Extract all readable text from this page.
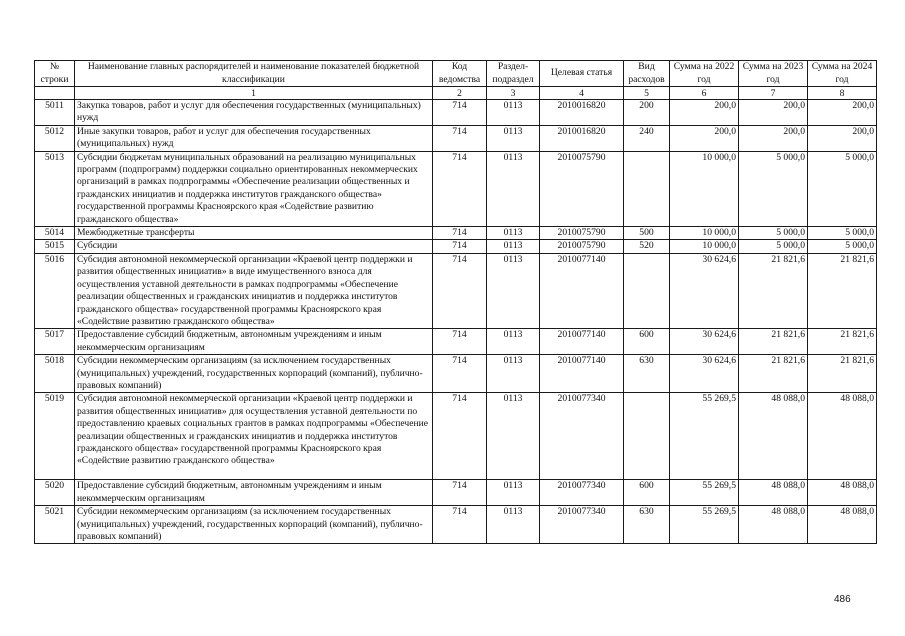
№ строки	Наименование главных распорядителей и наименование показателей бюджетной классификации	Код ведомства	Раздел-подраздел	Целевая статья	Вид расходов	Сумма на 2022 год	Сумма на 2023 год	Сумма на 2024 год
	1	2	3	4	5	6	7	8
5011	Закупка товаров, работ и услуг для обеспечения государственных (муниципальных) нужд	714	0113	2010016820	200	200,0	200,0	200,0
5012	Иные закупки товаров, работ и услуг для обеспечения государственных (муниципальных) нужд	714	0113	2010016820	240	200,0	200,0	200,0
5013	Субсидии бюджетам муниципальных образований на реализацию муниципальных программ (подпрограмм) поддержки социально ориентированных некоммерческих организаций в рамках подпрограммы «Обеспечение реализации общественных и гражданских инициатив и поддержка институтов гражданского общества» государственной программы Красноярского края «Содействие развитию гражданского общества»	714	0113	2010075790		10 000,0	5 000,0	5 000,0
5014	Межбюджетные трансферты	714	0113	2010075790	500	10 000,0	5 000,0	5 000,0
5015	Субсидии	714	0113	2010075790	520	10 000,0	5 000,0	5 000,0
5016	Субсидия автономной некоммерческой организации «Краевой центр поддержки и развития общественных инициатив» в виде имущественного взноса для осуществления уставной деятельности в рамках подпрограммы «Обеспечение реализации общественных и гражданских инициатив и поддержка институтов гражданского общества» государственной программы Красноярского края «Содействие развитию гражданского общества»	714	0113	2010077140		30 624,6	21 821,6	21 821,6
5017	Предоставление субсидий бюджетным, автономным учреждениям и иным некоммерческим организациям	714	0113	2010077140	600	30 624,6	21 821,6	21 821,6
5018	Субсидии некоммерческим организациям (за исключением государственных (муниципальных) учреждений, государственных корпораций (компаний), публично-правовых компаний)	714	0113	2010077140	630	30 624,6	21 821,6	21 821,6
5019	Субсидия автономной некоммерческой организации «Краевой центр поддержки и развития общественных инициатив» для осуществления уставной деятельности по предоставлению краевых социальных грантов в рамках подпрограммы «Обеспечение реализации общественных и гражданских инициатив и поддержка институтов гражданского общества» государственной программы Красноярского края «Содействие развитию гражданского общества»	714	0113	2010077340		55 269,5	48 088,0	48 088,0
5020	Предоставление субсидий бюджетным, автономным учреждениям и иным некоммерческим организациям	714	0113	2010077340	600	55 269,5	48 088,0	48 088,0
5021	Субсидии некоммерческим организациям (за исключением государственных (муниципальных) учреждений, государственных корпораций (компаний), публично-правовых компаний)	714	0113	2010077340	630	55 269,5	48 088,0	48 088,0
486
